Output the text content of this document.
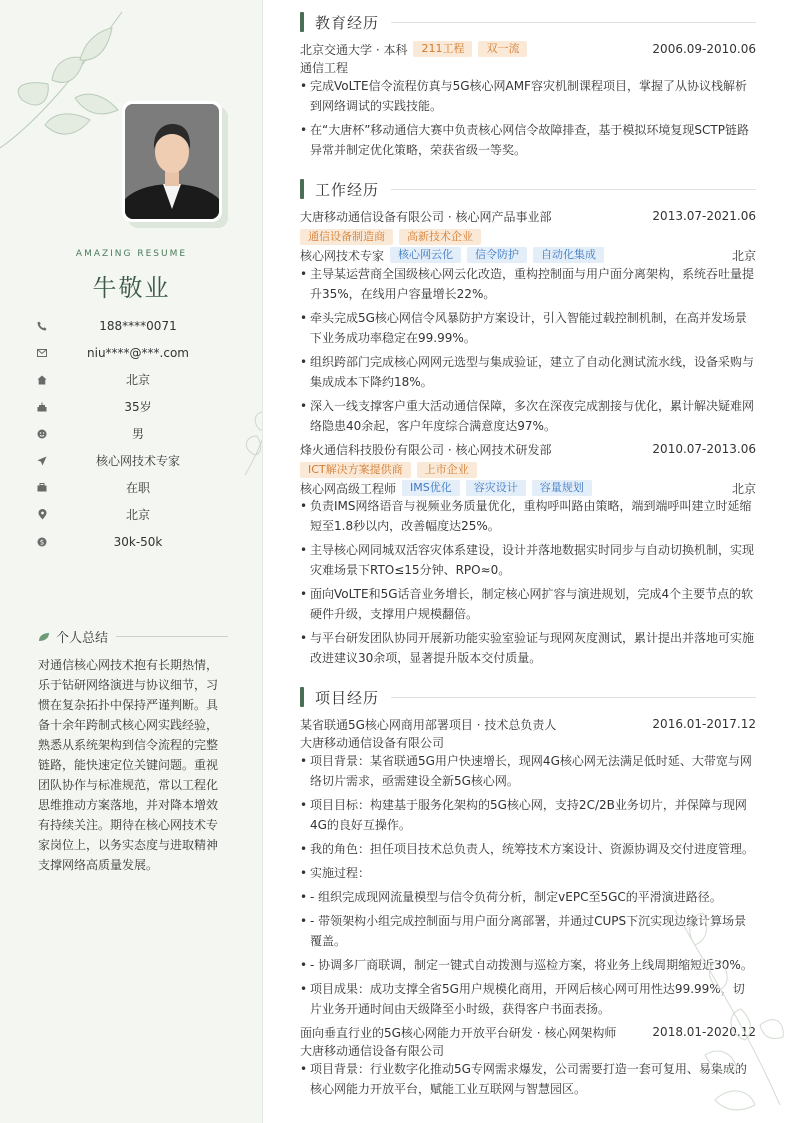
AMAZING RESUME
牛敬业
188****0071
niu****@***.com
北京
35岁
男
核心网技术专家
在职
北京
$	30k-50k
个人总结
对通信核心网技术抱有长期热情，乐于钻研网络演进与协议细节，习惯在复杂拓扑中保持严谨判断。具备十余年跨制式核心网实践经验，熟悉从系统架构到信令流程的完整链路，能快速定位关键问题。重视团队协作与标准规范，常以工程化思维推动方案落地，并对降本增效有持续关注。期待在核心网技术专家岗位上，以务实态度与进取精神支撑网络高质量发展。
教育经历
北京交通大学 · 本科	211工程	双一流	2006.09-2010.06
通信工程
• 完成VoLTE信令流程仿真与5G核心网AMF容灾机制课程项目，掌握了从协议栈解析到网络调试的实践技能。
• 在“大唐杯”移动通信大赛中负责核心网信令故障排查，基于模拟环境复现SCTP链路异常并制定优化策略，荣获省级一等奖。
工作经历
大唐移动通信设备有限公司 · 核心网产品事业部	2013.07-2021.06
通信设备制造商	高新技术企业
核心网技术专家	核心网云化	信令防护	自动化集成	北京
• 主导某运营商全国级核心网云化改造，重构控制面与用户面分离架构，系统吞吐量提升35%，在线用户容量增长22%。
• 牵头完成5G核心网信令风暴防护方案设计，引入智能过载控制机制，在高并发场景下业务成功率稳定在99.99%。
• 组织跨部门完成核心网网元选型与集成验证，建立了自动化测试流水线，设备采购与集成成本下降约18%。
• 深入一线支撑客户重大活动通信保障，多次在深夜完成割接与优化，累计解决疑难网络隐患40余起，客户年度综合满意度达97%。
烽火通信科技股份有限公司 · 核心网技术研发部	2010.07-2013.06
ICT解决方案提供商	上市企业
核心网高级工程师	IMS优化	容灾设计	容量规划	北京
• 负责IMS网络语音与视频业务质量优化，重构呼叫路由策略，端到端呼叫建立时延缩短至1.8秒以内，改善幅度达25%。
• 主导核心网同城双活容灾体系建设，设计并落地数据实时同步与自动切换机制，实现灾难场景下RTO≤15分钟、RPO≈0。
• 面向VoLTE和5G话音业务增长，制定核心网扩容与演进规划，完成4个主要节点的软硬件升级，支撑用户规模翻倍。
• 与平台研发团队协同开展新功能实验室验证与现网灰度测试，累计提出并落地可实施改进建议30余项，显著提升版本交付质量。
项目经历
某省联通5G核心网商用部署项目 · 技术总负责人	2016.01-2017.12
大唐移动通信设备有限公司
• 项目背景：某省联通5G用户快速增长，现网4G核心网无法满足低时延、大带宽与网络切片需求，亟需建设全新5G核心网。
• 项目目标：构建基于服务化架构的5G核心网，支持2C/2B业务切片，并保障与现网4G的良好互操作。
• 我的角色：担任项目技术总负责人，统筹技术方案设计、资源协调及交付进度管理。
• 实施过程：
• - 组织完成现网流量模型与信令负荷分析，制定vEPC至5GC的平滑演进路径。
• - 带领架构小组完成控制面与用户面分离部署，并通过CUPS下沉实现边缘计算场景覆盖。
• - 协调多厂商联调，制定一键式自动拨测与巡检方案，将业务上线周期缩短近30%。
• 项目成果：成功支撑全省5G用户规模化商用，开网后核心网可用性达99.99%，切片业务开通时间由天级降至小时级，获得客户书面表扬。
面向垂直行业的5G核心网能力开放平台研发 · 核心网架构师	2018.01-2020.12
大唐移动通信设备有限公司
• 项目背景：行业数字化推动5G专网需求爆发，公司需要打造一套可复用、易集成的核心网能力开放平台，赋能工业互联网与智慧园区。
